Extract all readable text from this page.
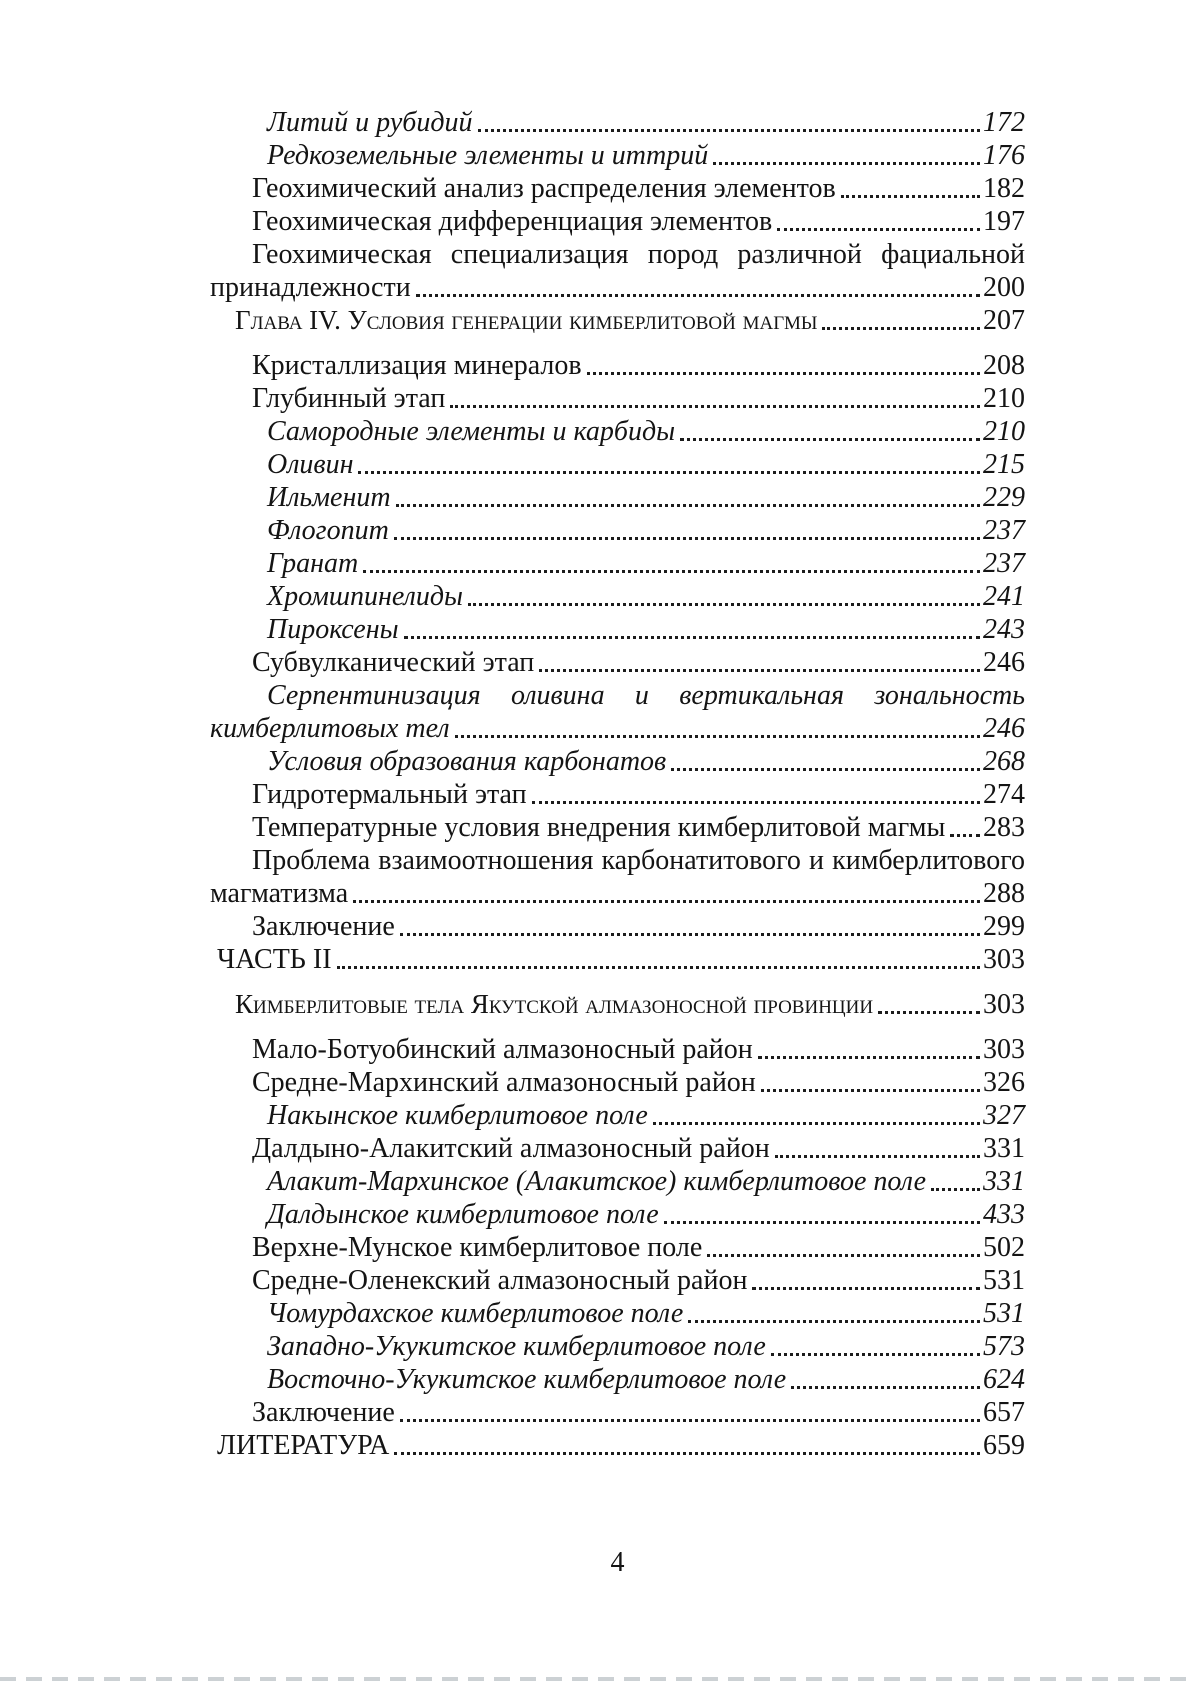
Литий и рубидий	172
Редкоземельные элементы и иттрий	176
Геохимический анализ распределения элементов	182
Геохимическая дифференциация элементов	197
Геохимическая специализация пород различной фациальной
принадлежности	200
Глава IV. Условия генерации кимберлитовой магмы	207
Кристаллизация минералов	208
Глубинный этап	210
Самородные элементы и карбиды	210
Оливин	215
Ильменит	229
Флогопит	237
Гранат	237
Хромшпинелиды	241
Пироксены	243
Субвулканический этап	246
Серпентинизация оливина и вертикальная зональность
кимберлитовых тел	246
Условия образования карбонатов	268
Гидротермальный этап	274
Температурные условия внедрения кимберлитовой магмы 283
Проблема взаимоотношения карбонатитового и кимберлитового
магматизма	288
Заключение	299
ЧАСТЬ II	303
Кимберлитовые тела Якутской алмазоносной провинции	303
Мало-Ботуобинский алмазоносный район	303
Средне-Мархинский алмазоносный район	326
Накынское кимберлитовое поле	327
Далдыно-Алакитский алмазоносный район	331
Алакит-Мархинское (Алакитское) кимберлитовое поле 331
Далдынское кимберлитовое поле	433
Верхне-Мунское кимберлитовое поле	502
Средне-Оленекский алмазоносный район	531
Чомурдахское кимберлитовое поле	531
Западно-Укукитское кимберлитовое поле	573
Восточно-Укукитское кимберлитовое поле	624
Заключение	657
ЛИТЕРАТУРА	659
4
